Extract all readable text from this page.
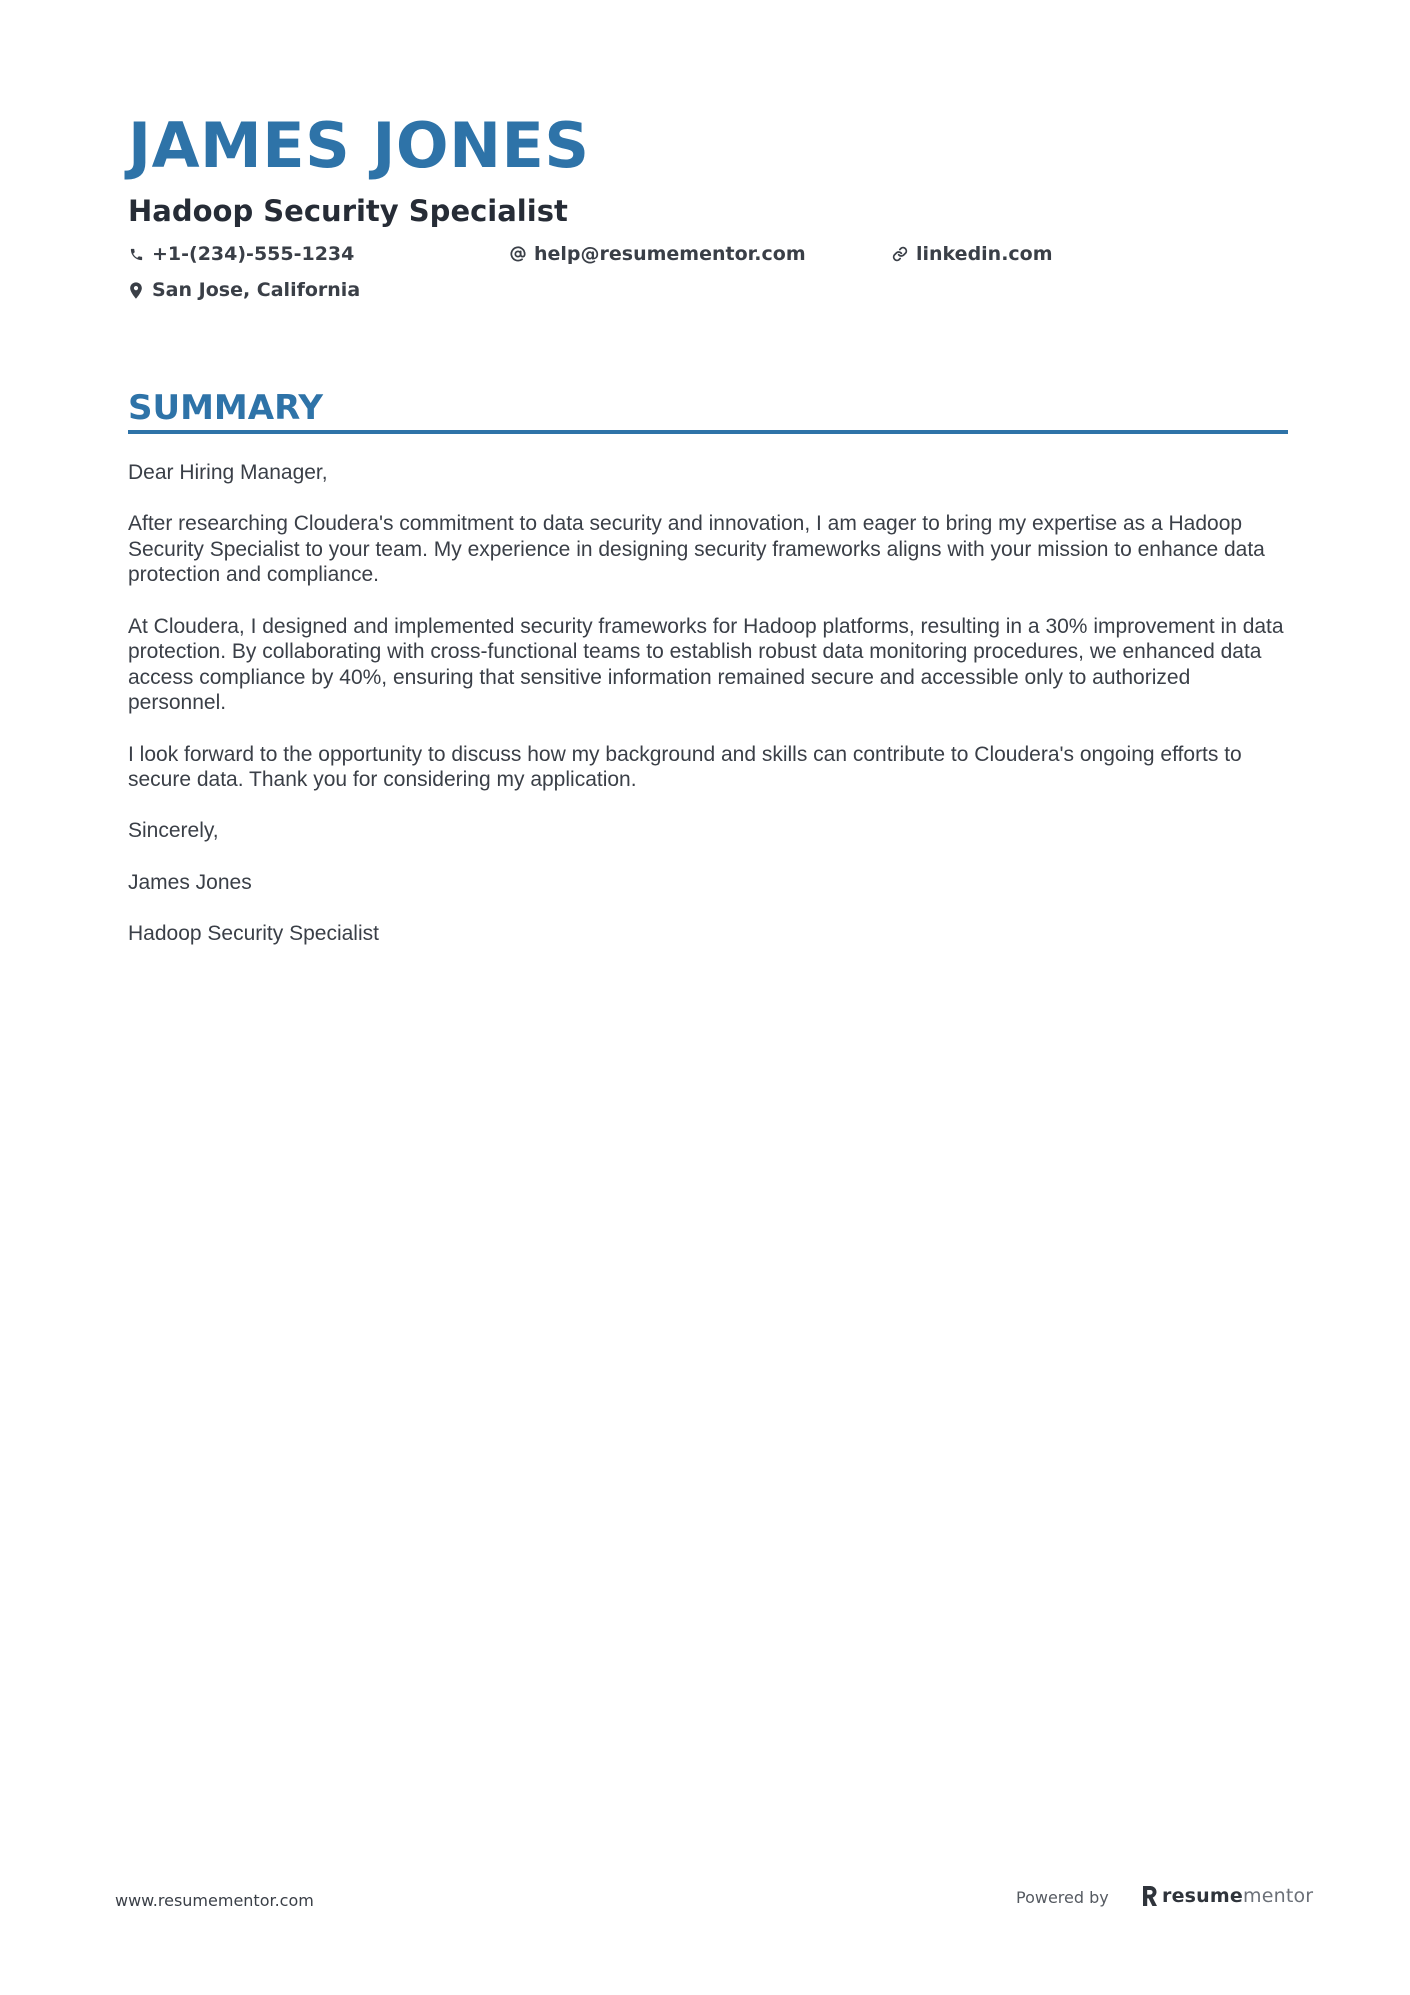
JAMES JONES
Hadoop Security Specialist
+1-(234)-555-1234	help@resumementor.com	linkedin.com
San Jose, California
SUMMARY

Dear Hiring Manager,

After researching Cloudera's commitment to data security and innovation, I am eager to bring my expertise as a Hadoop Security Specialist to your team. My experience in designing security frameworks aligns with your mission to enhance data protection and compliance.

At Cloudera, I designed and implemented security frameworks for Hadoop platforms, resulting in a 30% improvement in data protection. By collaborating with cross-functional teams to establish robust data monitoring procedures, we enhanced data access compliance by 40%, ensuring that sensitive information remained secure and accessible only to authorized personnel.

I look forward to the opportunity to discuss how my background and skills can contribute to Cloudera's ongoing efforts to secure data. Thank you for considering my application.

Sincerely,

James Jones

Hadoop Security Specialist

www.resumementor.com	Powered by	resumementor
